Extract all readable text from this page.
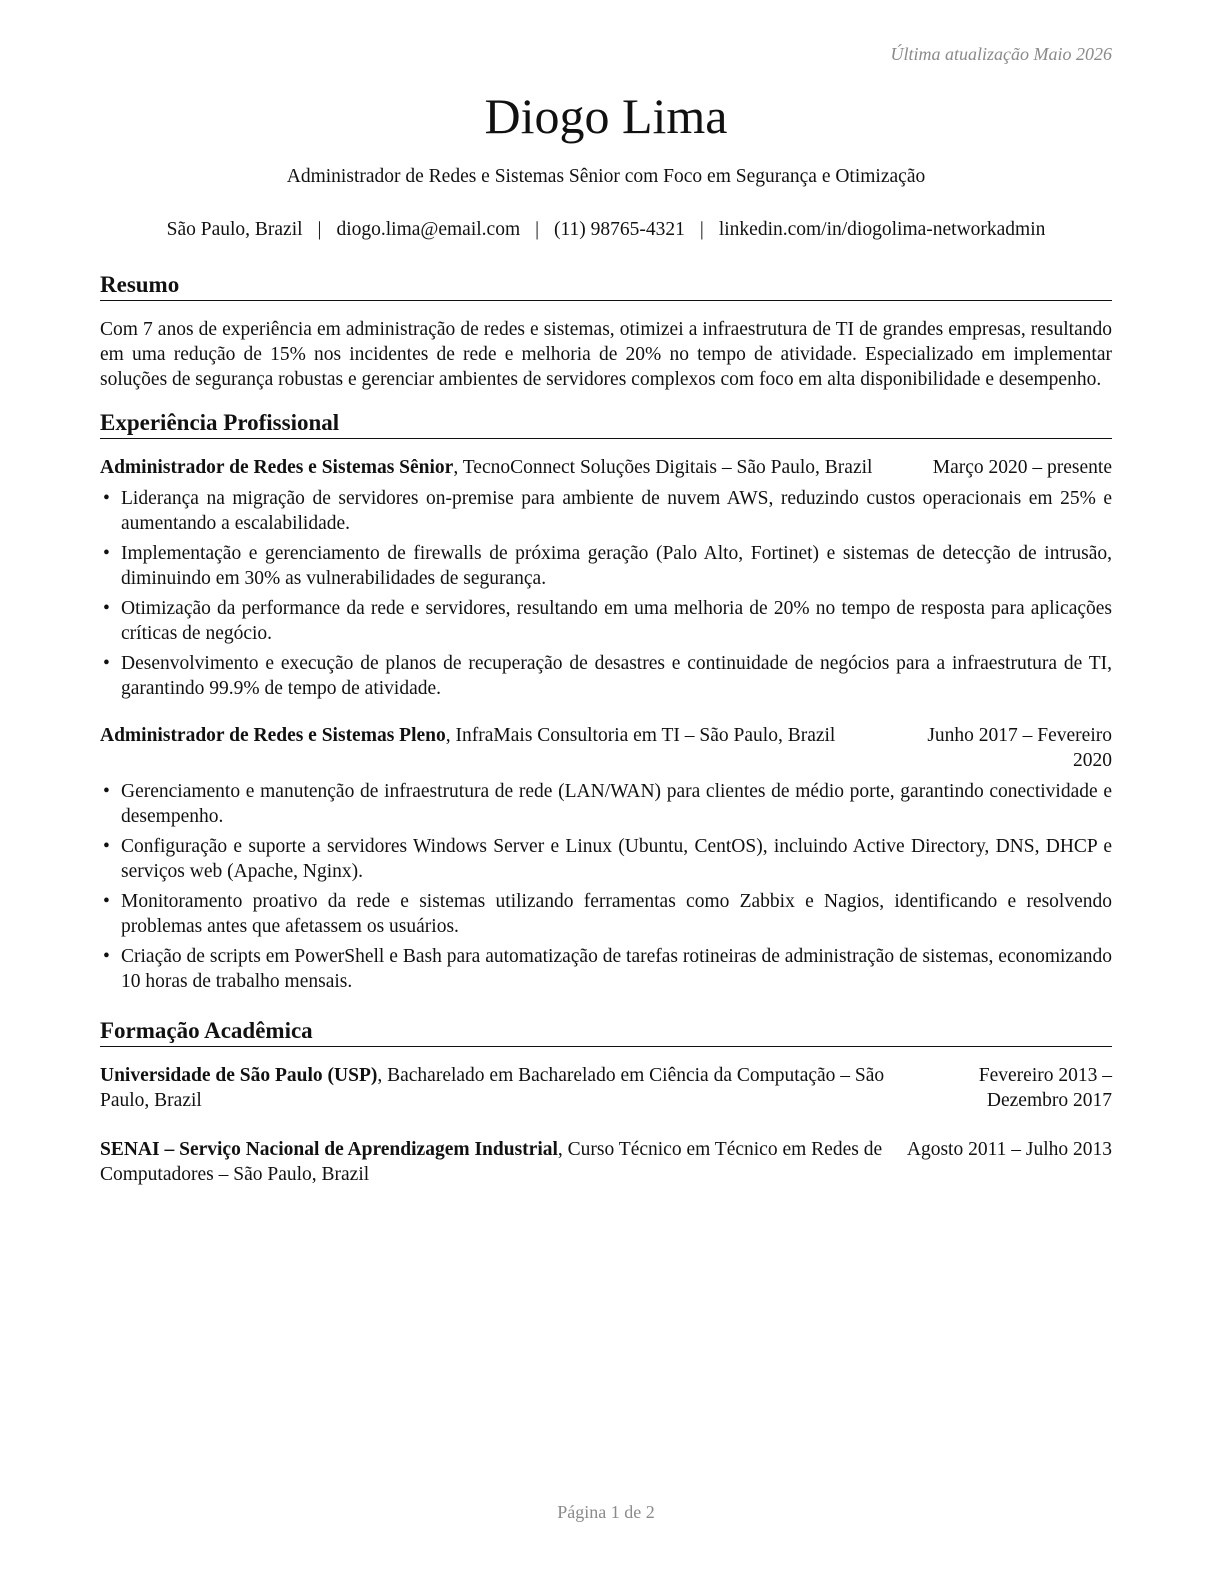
Última atualização Maio 2026
Diogo Lima
Administrador de Redes e Sistemas Sênior com Foco em Segurança e Otimização
São Paulo, Brazil | diogo.lima@email.com | (11) 98765-4321 | linkedin.com/in/diogolima-networkadmin
Resumo

Com 7 anos de experiência em administração de redes e sistemas, otimizei a infraestrutura de TI de grandes empresas, resultando em uma redução de 15% nos incidentes de rede e melhoria de 20% no tempo de atividade. Especializado em implementar soluções de segurança robustas e gerenciar ambientes de servidores complexos com foco em alta disponibilidade e desempenho.

Experiência Profissional
Administrador de Redes e Sistemas Sênior, TecnoConnect Soluções Digitais – São Paulo, Brazil	Março 2020 – presente
• Liderança na migração de servidores on-premise para ambiente de nuvem AWS, reduzindo custos operacionais em 25% e aumentando a escalabilidade.
• Implementação e gerenciamento de firewalls de próxima geração (Palo Alto, Fortinet) e sistemas de detecção de intrusão, diminuindo em 30% as vulnerabilidades de segurança.
• Otimização da performance da rede e servidores, resultando em uma melhoria de 20% no tempo de resposta para aplicações críticas de negócio.
• Desenvolvimento e execução de planos de recuperação de desastres e continuidade de negócios para a infraestrutura de TI, garantindo 99.9% de tempo de atividade.
Administrador de Redes e Sistemas Pleno, InfraMais Consultoria em TI – São Paulo, Brazil	Junho 2017 – Fevereiro 2020
• Gerenciamento e manutenção de infraestrutura de rede (LAN/WAN) para clientes de médio porte, garantindo conectividade e desempenho.
• Configuração e suporte a servidores Windows Server e Linux (Ubuntu, CentOS), incluindo Active Directory, DNS, DHCP e serviços web (Apache, Nginx).
• Monitoramento proativo da rede e sistemas utilizando ferramentas como Zabbix e Nagios, identificando e resolvendo problemas antes que afetassem os usuários.
• Criação de scripts em PowerShell e Bash para automatização de tarefas rotineiras de administração de sistemas, economizando 10 horas de trabalho mensais.
Formação Acadêmica
Universidade de São Paulo (USP), Bacharelado em Bacharelado em Ciência da Computação – São Paulo, Brazil
Fevereiro 2013 – Dezembro 2017
SENAI – Serviço Nacional de Aprendizagem Industrial, Curso Técnico em Técnico em Redes de Computadores – São Paulo, Brazil
Agosto 2011 – Julho 2013
Página 1 de 2
